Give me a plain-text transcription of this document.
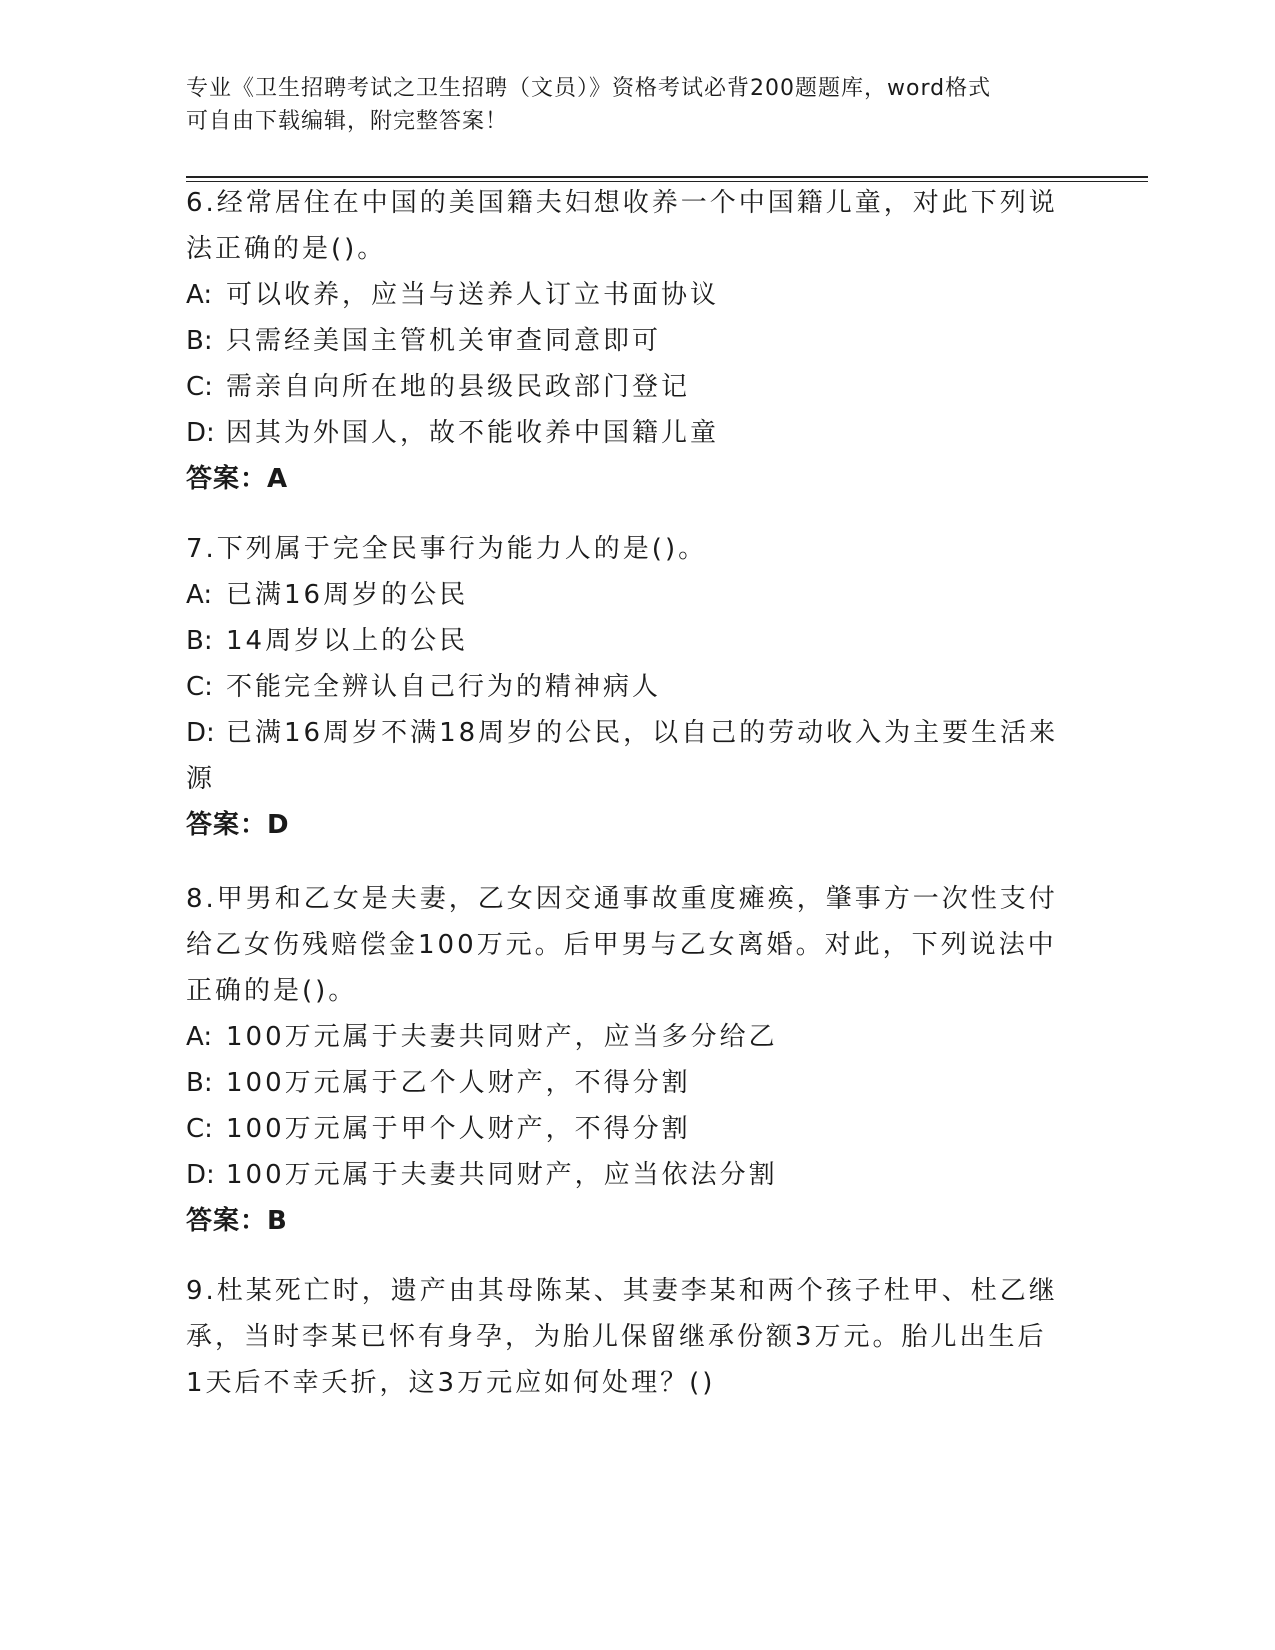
专业《卫生招聘考试之卫生招聘（文员）》资格考试必背200题题库，word格式
可自由下载编辑，附完整答案！

6.经常居住在中国的美国籍夫妇想收养一个中国籍儿童，对此下列说

法正确的是()。

A: 可以收养，应当与送养人订立书面协议

B: 只需经美国主管机关审查同意即可

C: 需亲自向所在地的县级民政部门登记

D: 因其为外国人，故不能收养中国籍儿童

答案：A

7.下列属于完全民事行为能力人的是()。

A: 已满16周岁的公民

B: 14周岁以上的公民

C: 不能完全辨认自己行为的精神病人

D: 已满16周岁不满18周岁的公民，以自己的劳动收入为主要生活来

源

答案：D

8.甲男和乙女是夫妻，乙女因交通事故重度瘫痪，肇事方一次性支付

给乙女伤残赔偿金100万元。后甲男与乙女离婚。对此，下列说法中

正确的是()。

A: 100万元属于夫妻共同财产，应当多分给乙

B: 100万元属于乙个人财产，不得分割

C: 100万元属于甲个人财产，不得分割

D: 100万元属于夫妻共同财产，应当依法分割

答案：B

9.杜某死亡时，遗产由其母陈某、其妻李某和两个孩子杜甲、杜乙继

承，当时李某已怀有身孕，为胎儿保留继承份额3万元。胎儿出生后

1天后不幸夭折，这3万元应如何处理？()
